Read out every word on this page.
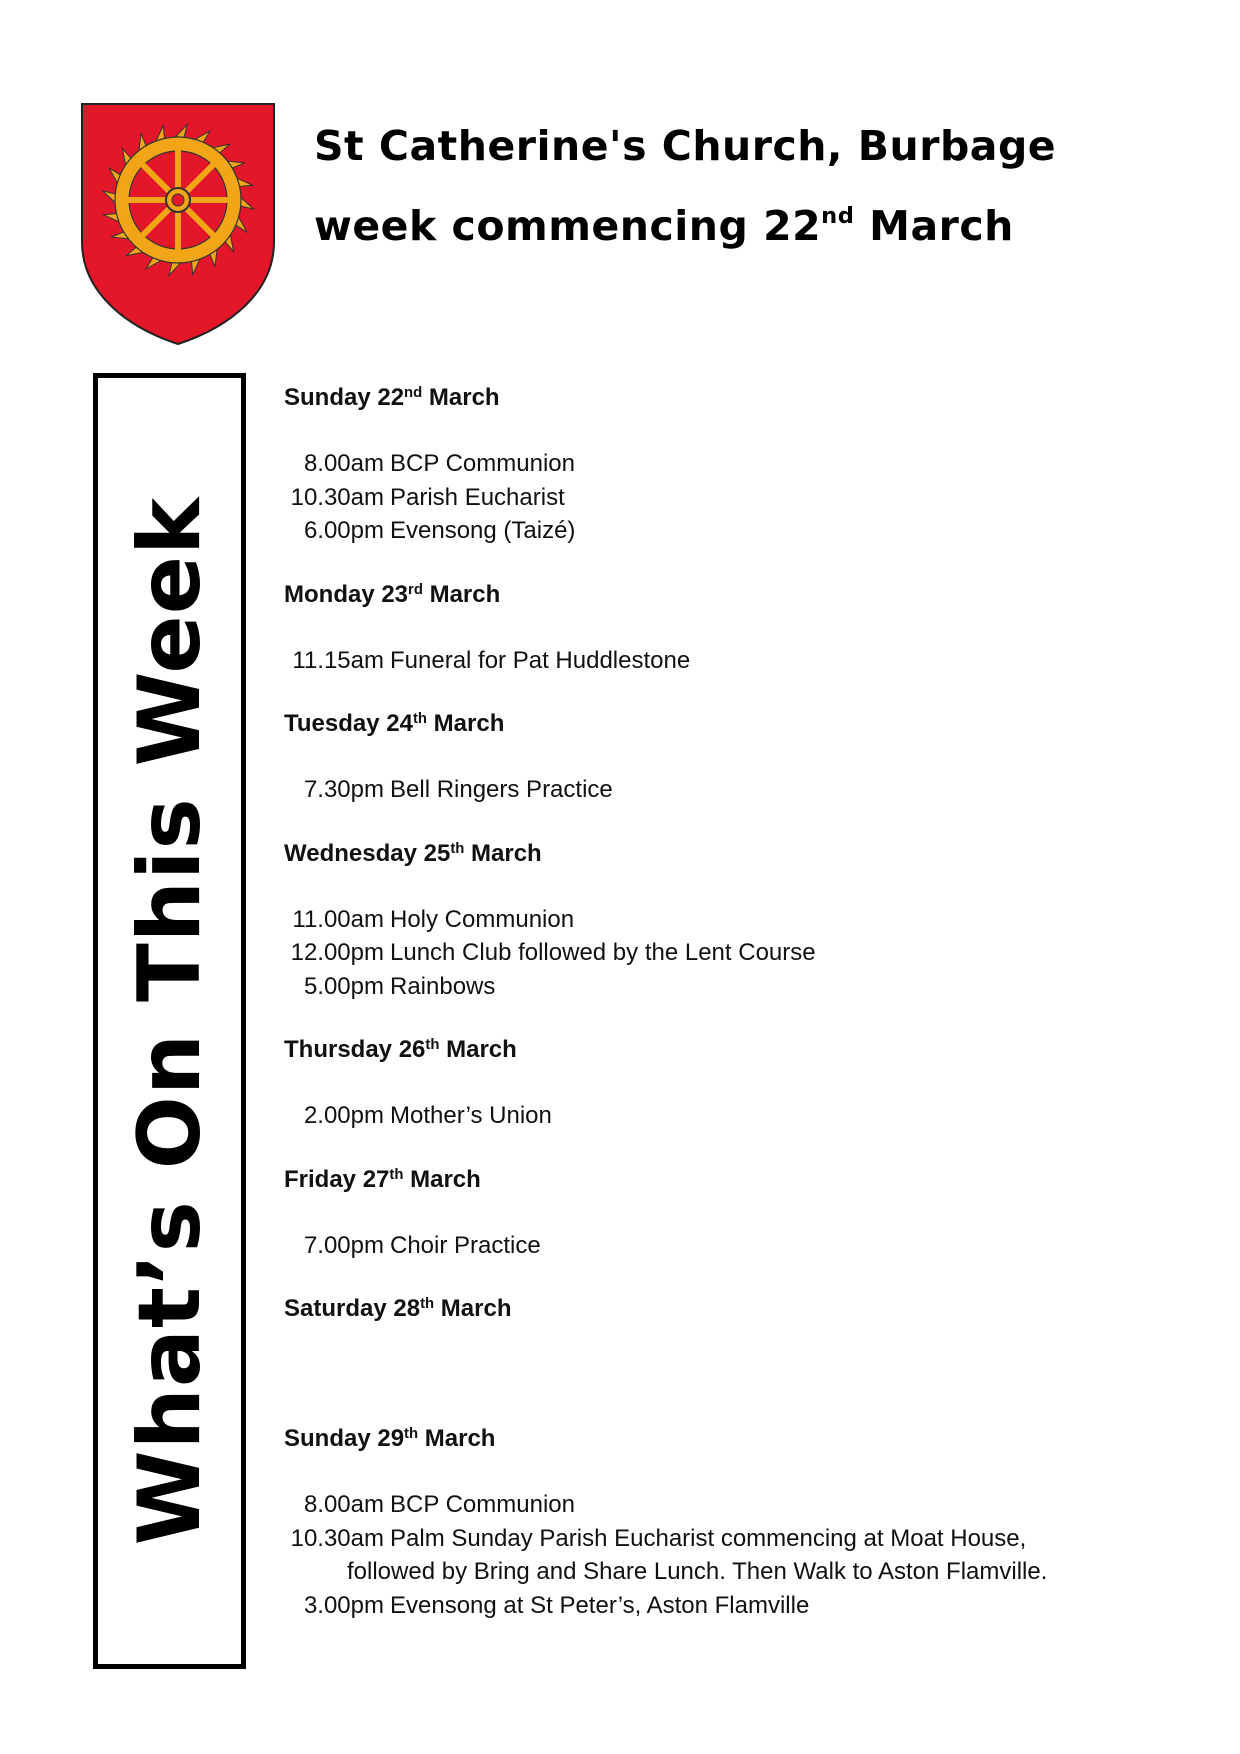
St Catherine's Church, Burbage
week commencing 22nd March
What’s On This Week
Sunday 22nd March
8.00am BCP Communion
10.30am Parish Eucharist
6.00pm Evensong (Taizé)
Monday 23rd March
11.15am Funeral for Pat Huddlestone
Tuesday 24th March
7.30pm Bell Ringers Practice
Wednesday 25th March
11.00am Holy Communion
12.00pm Lunch Club followed by the Lent Course
5.00pm Rainbows
Thursday 26th March
2.00pm Mother’s Union
Friday 27th March
7.00pm Choir Practice
Saturday 28th March
Sunday 29th March
8.00am BCP Communion
10.30am Palm Sunday Parish Eucharist commencing at Moat House,
followed by Bring and Share Lunch. Then Walk to Aston Flamville.
3.00pm Evensong at St Peter’s, Aston Flamville
